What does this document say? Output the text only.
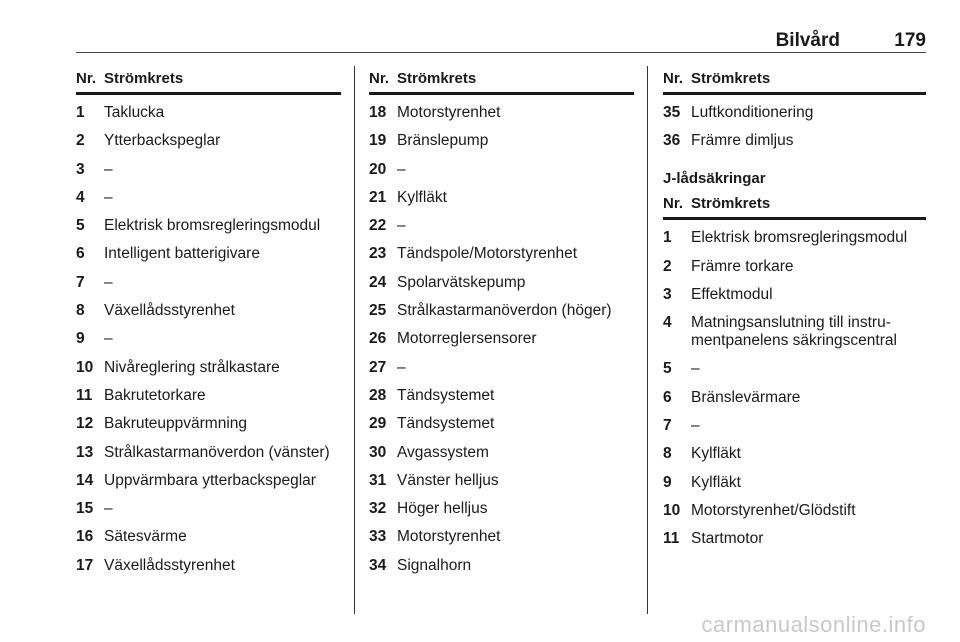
Bilvård	179
Nr. Strömkrets
1	Taklucka
2	Ytterbackspeglar
3	–
4	–
5	Elektrisk bromsregleringsmodul
6	Intelligent batterigivare
7	–
8	Växellådsstyrenhet
9	–
10 Nivåreglering strålkastare
11 Bakrutetorkare
12 Bakruteuppvärmning
13 Strålkastarmanöverdon (vänster)
14 Uppvärmbara ytterbackspeglar
15 –
16 Sätesvärme
17 Växellådsstyrenhet
Nr. Strömkrets
18 Motorstyrenhet
19 Bränslepump
20 –
21 Kylfläkt
22 –
23 Tändspole/Motorstyrenhet
24 Spolarvätskepump
25 Strålkastarmanöverdon (höger)
26 Motorreglersensorer
27 –
28 Tändsystemet
29 Tändsystemet
30 Avgassystem
31 Vänster helljus
32 Höger helljus
33 Motorstyrenhet
34 Signalhorn
Nr. Strömkrets
35 Luftkonditionering
36 Främre dimljus
J-lådsäkringar
Nr. Strömkrets
1	Elektrisk bromsregleringsmodul
2	Främre torkare
3	Effektmodul
4	Matningsanslutning till instru-mentpanelens säkringscentral
5	–
6	Bränslevärmare
7	–
8	Kylfläkt
9	Kylfläkt
10 Motorstyrenhet/Glödstift
11 Startmotor
carmanualsonline.info
